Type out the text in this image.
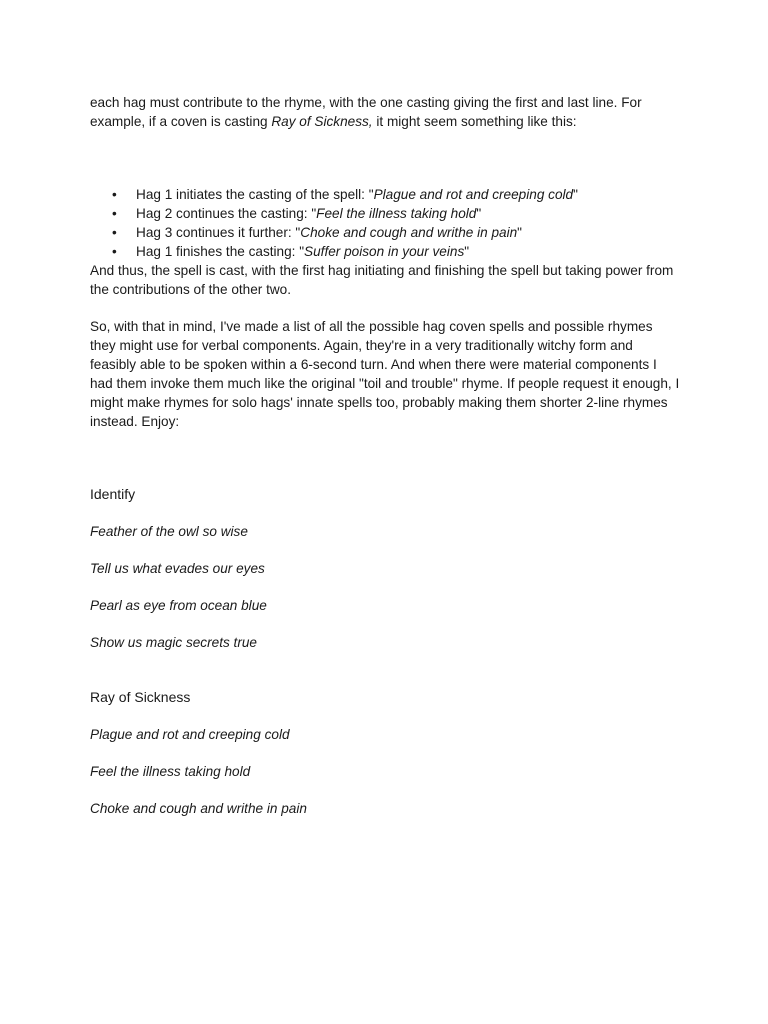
each hag must contribute to the rhyme, with the one casting giving the first and last line. For example, if a coven is casting Ray of Sickness, it might seem something like this:

• Hag 1 initiates the casting of the spell: "Plague and rot and creeping cold"
• Hag 2 continues the casting: "Feel the illness taking hold"
• Hag 3 continues it further: "Choke and cough and writhe in pain"
• Hag 1 finishes the casting: "Suffer poison in your veins"

And thus, the spell is cast, with the first hag initiating and finishing the spell but taking power from the contributions of the other two.

So, with that in mind, I've made a list of all the possible hag coven spells and possible rhymes they might use for verbal components. Again, they're in a very traditionally witchy form and feasibly able to be spoken within a 6-second turn. And when there were material components I had them invoke them much like the original "toil and trouble" rhyme. If people request it enough, I might make rhymes for solo hags' innate spells too, probably making them shorter 2-line rhymes instead. Enjoy:

Identify

Feather of the owl so wise

Tell us what evades our eyes

Pearl as eye from ocean blue

Show us magic secrets true

Ray of Sickness

Plague and rot and creeping cold

Feel the illness taking hold

Choke and cough and writhe in pain
